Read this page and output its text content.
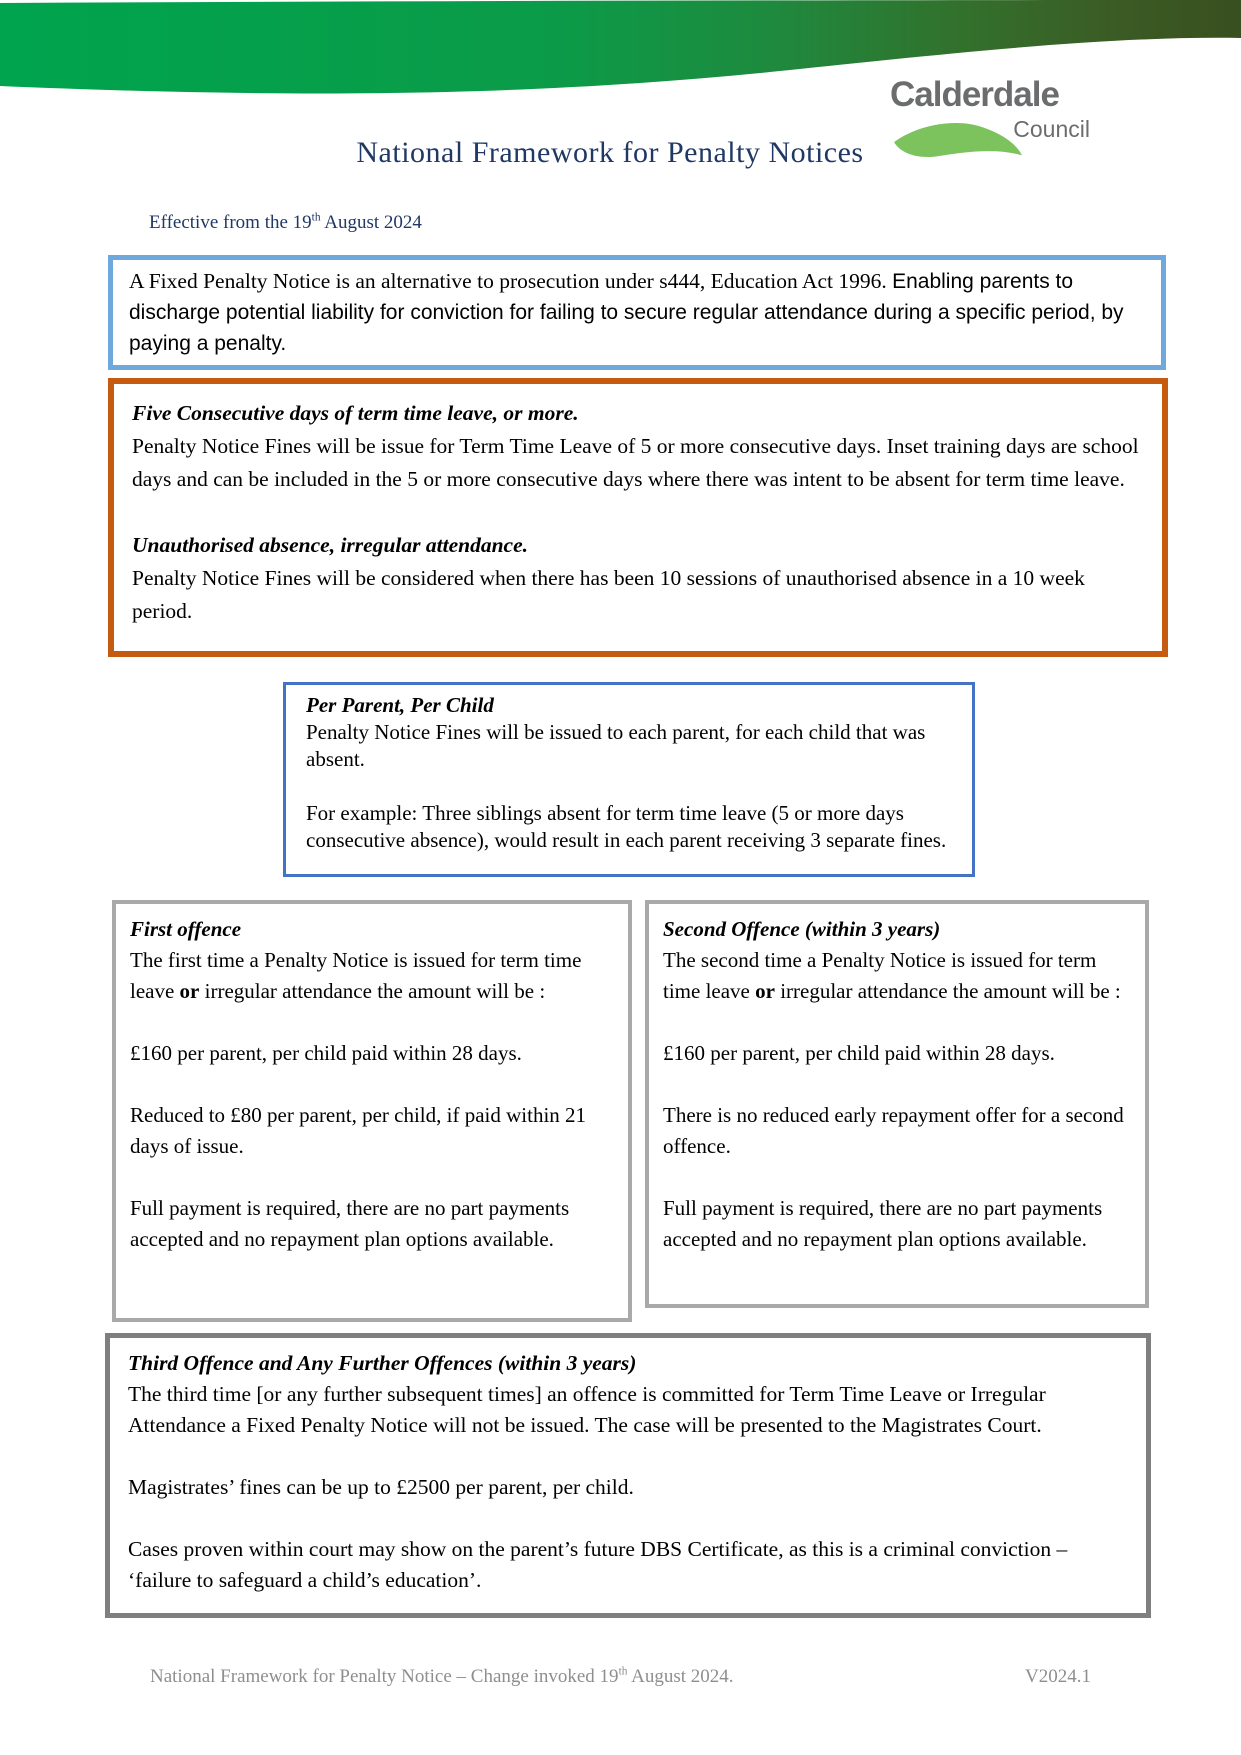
Calderdale
Council
National Framework for Penalty Notices
Effective from the 19th August 2024

A Fixed Penalty Notice is an alternative to prosecution under s444, Education Act 1996. Enabling parents to discharge potential liability for conviction for failing to secure regular attendance during a specific period, by paying a penalty.

Five Consecutive days of term time leave, or more.

Penalty Notice Fines will be issue for Term Time Leave of 5 or more consecutive days. Inset training days are school days and can be included in the 5 or more consecutive days where there was intent to be absent for term time leave.

Unauthorised absence, irregular attendance.

Penalty Notice Fines will be considered when there has been 10 sessions of unauthorised absence in a 10 week period.

Per Parent, Per Child

Penalty Notice Fines will be issued to each parent, for each child that was absent.

For example: Three siblings absent for term time leave (5 or more days consecutive absence), would result in each parent receiving 3 separate fines.

First offence

The first time a Penalty Notice is issued for term time leave or irregular attendance the amount will be :

£160 per parent, per child paid within 28 days.

Reduced to £80 per parent, per child, if paid within 21 days of issue.

Full payment is required, there are no part payments accepted and no repayment plan options available.

Second Offence (within 3 years)

The second time a Penalty Notice is issued for term time leave or irregular attendance the amount will be :

£160 per parent, per child paid within 28 days.

There is no reduced early repayment offer for a second offence.

Full payment is required, there are no part payments accepted and no repayment plan options available.

Third Offence and Any Further Offences (within 3 years)

The third time [or any further subsequent times] an offence is committed for Term Time Leave or Irregular Attendance a Fixed Penalty Notice will not be issued. The case will be presented to the Magistrates Court.

Magistrates’ fines can be up to £2500 per parent, per child.

Cases proven within court may show on the parent’s future DBS Certificate, as this is a criminal conviction – ‘failure to safeguard a child’s education’.

National Framework for Penalty Notice – Change invoked 19th August 2024.	V2024.1
